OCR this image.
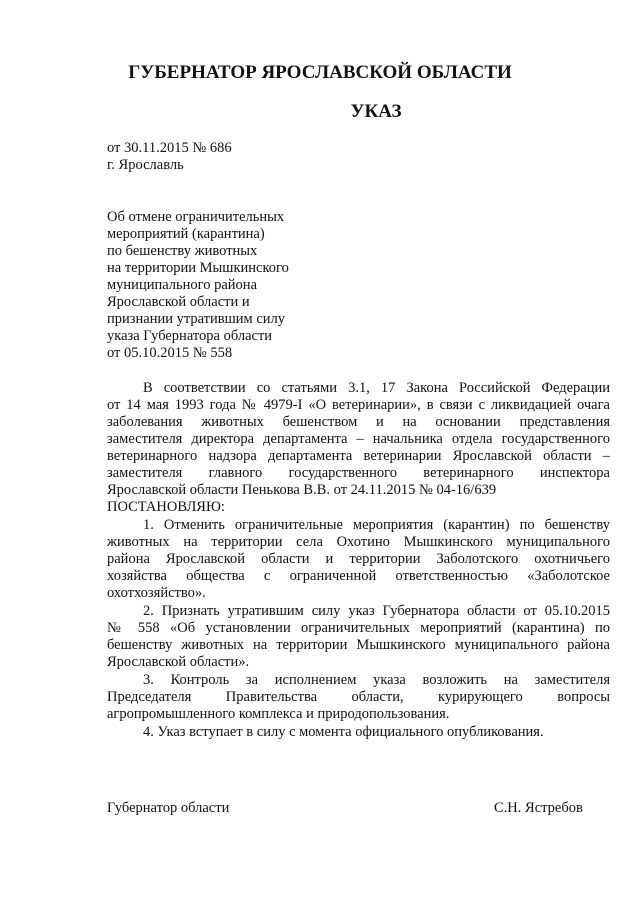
ГУБЕРНАТОР ЯРОСЛАВСКОЙ ОБЛАСТИ
УКАЗ
от 30.11.2015 № 686
г. Ярославль
Об отмене ограничительных
мероприятий (карантина)
по бешенству животных
на территории Мышкинского
муниципального района
Ярославской области и
признании утратившим силу
указа Губернатора области
от 05.10.2015 № 558
В соответствии со статьями 3.1, 17 Закона Российской Федерации
от 14 мая 1993 года № 4979-I «О ветеринарии», в связи с ликвидацией очага
заболевания животных бешенством и на основании представления
заместителя директора департамента – начальника отдела государственного
ветеринарного надзора департамента ветеринарии Ярославской области –
заместителя главного государственного ветеринарного инспектора
Ярославской области Пенькова В.В. от 24.11.2015 № 04-16/639
ПОСТАНОВЛЯЮ:
1. Отменить ограничительные мероприятия (карантин) по бешенству
животных на территории села Охотино Мышкинского муниципального
района Ярославской области и территории Заболотского охотничьего
хозяйства общества с ограниченной ответственностью «Заболотское
охотхозяйство».
2. Признать утратившим силу указ Губернатора области от 05.10.2015
№ 558 «Об установлении ограничительных мероприятий (карантина) по
бешенству животных на территории Мышкинского муниципального района
Ярославской области».
3. Контроль за исполнением указа возложить на заместителя
Председателя Правительства области, курирующего вопросы
агропромышленного комплекса и природопользования.
4. Указ вступает в силу с момента официального опубликования.
Губернатор области	С.Н. Ястребов
